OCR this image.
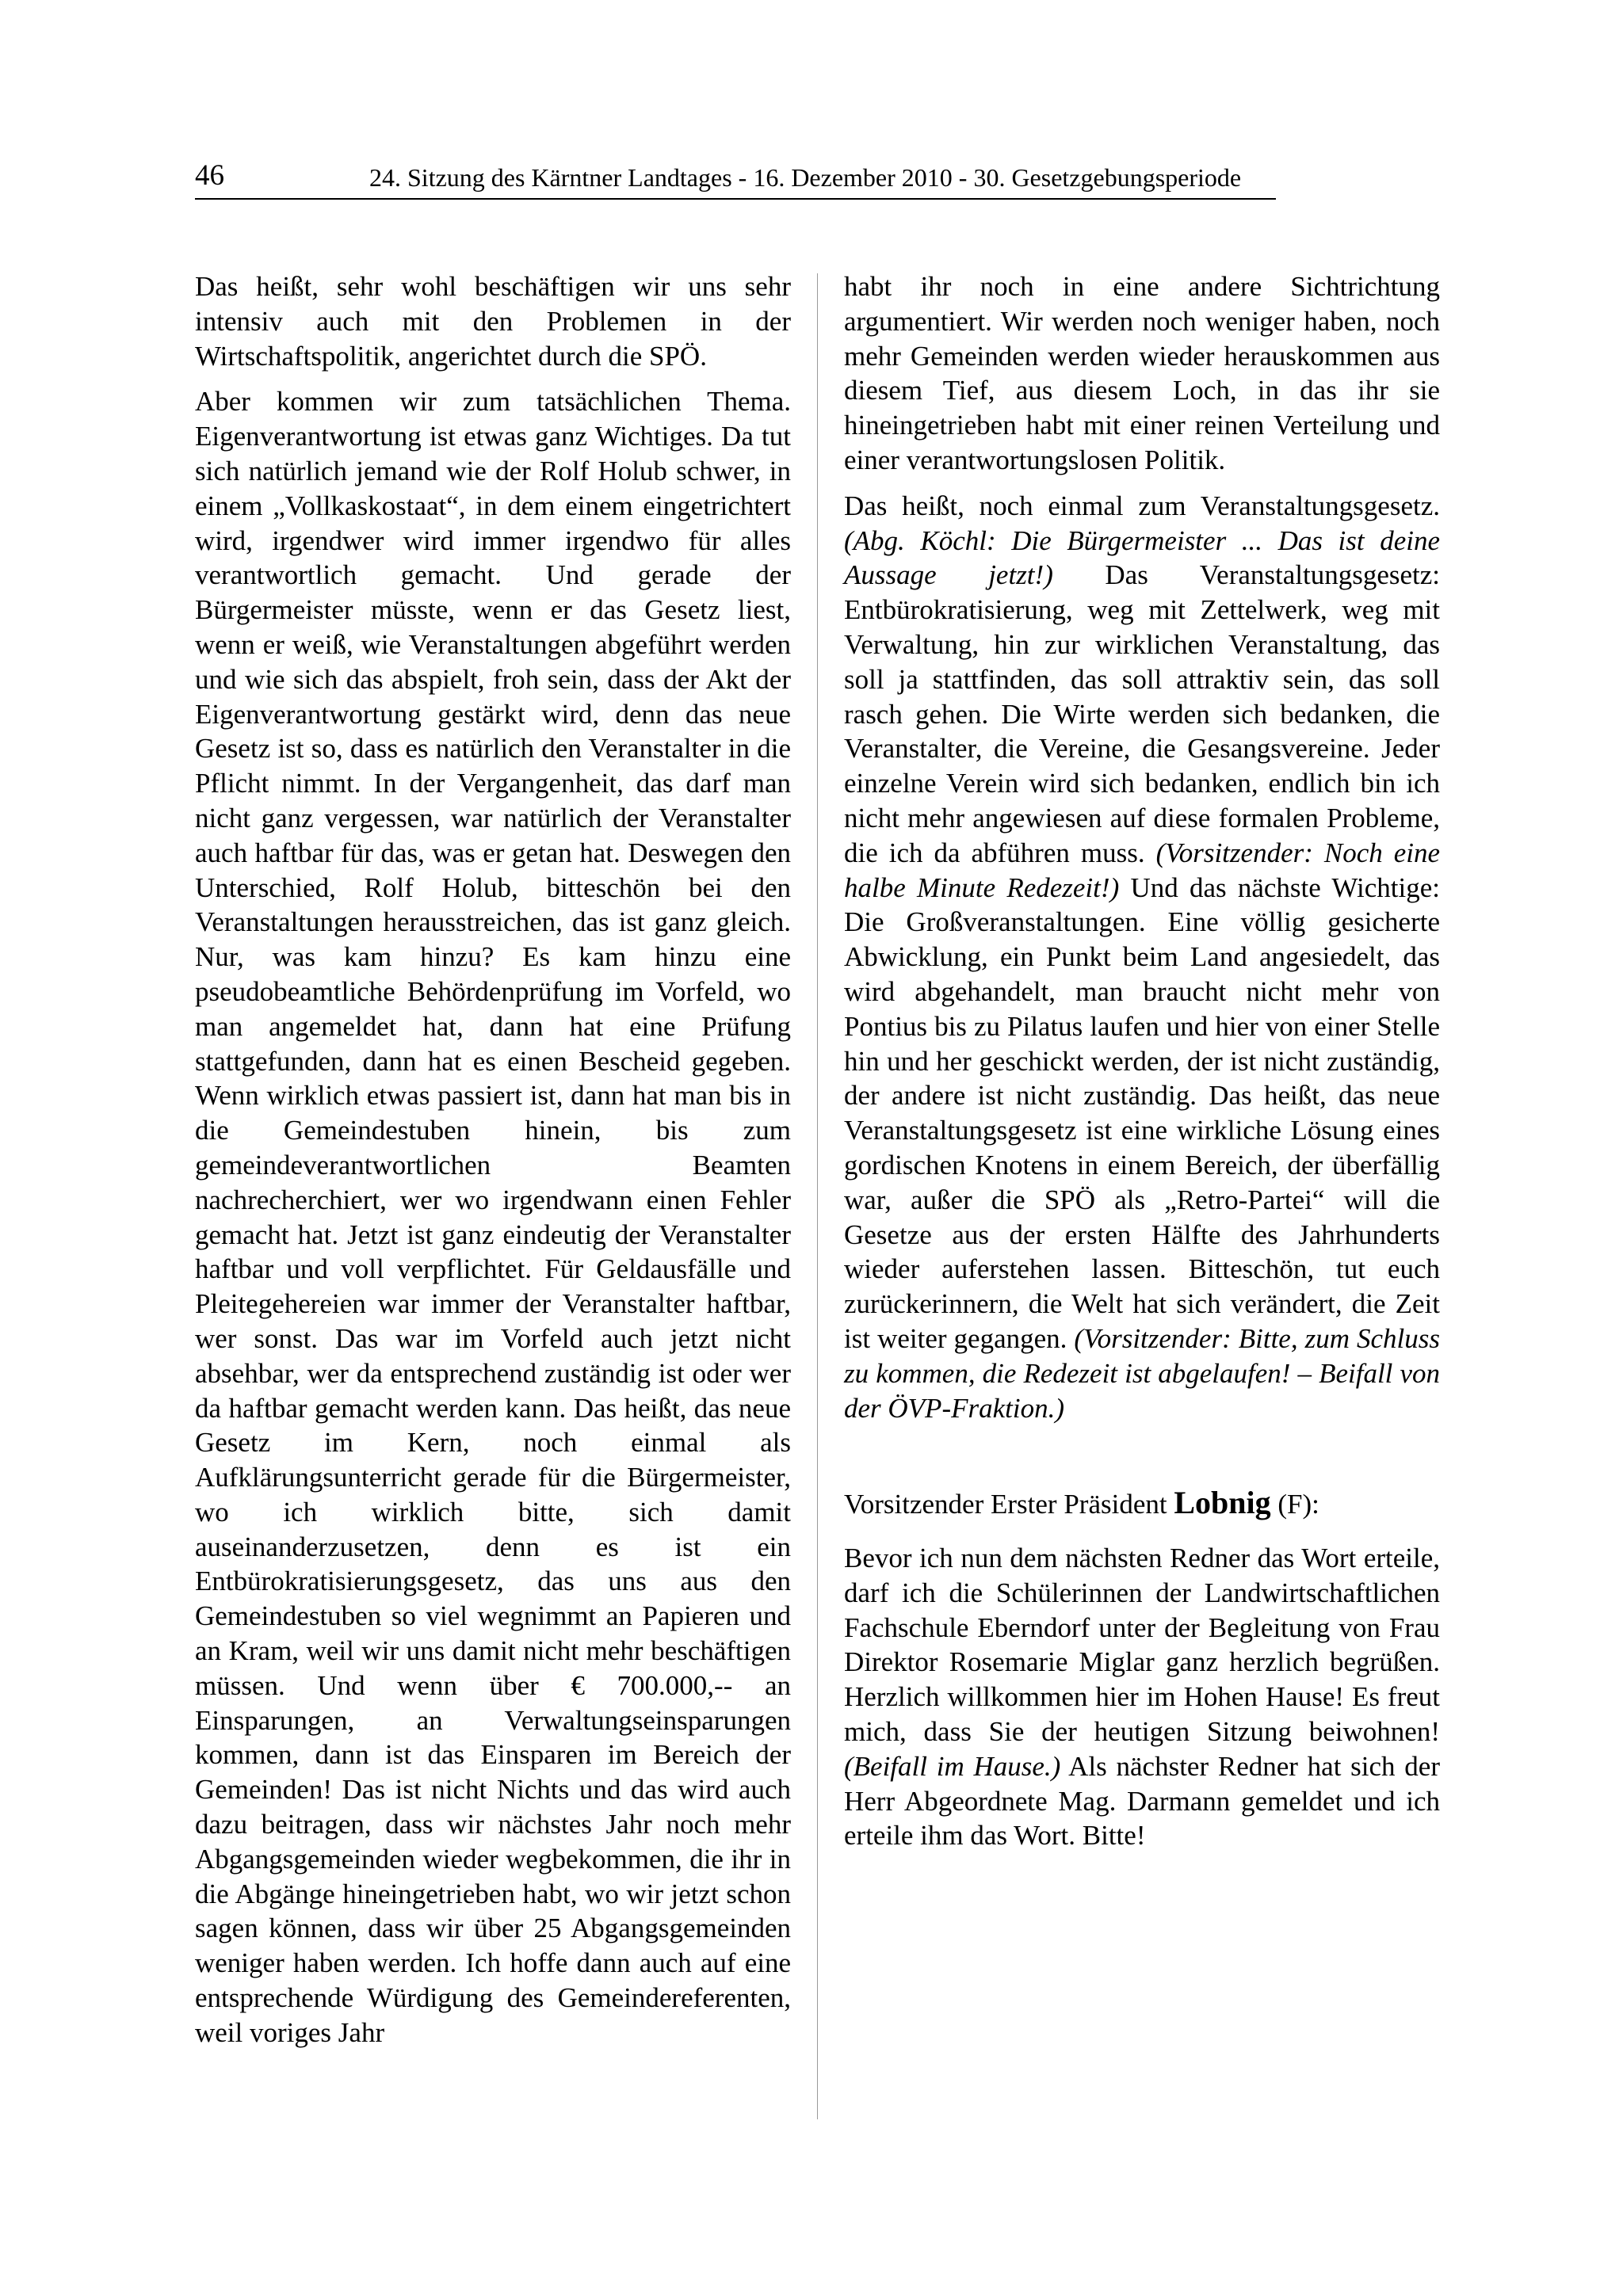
46	24. Sitzung des Kärntner Landtages - 16. Dezember 2010 - 30. Gesetzgebungsperiode

Das heißt, sehr wohl beschäftigen wir uns sehr intensiv auch mit den Problemen in der Wirtschaftspolitik, angerichtet durch die SPÖ.

Aber kommen wir zum tatsächlichen Thema. Eigenverantwortung ist etwas ganz Wichtiges. Da tut sich natürlich jemand wie der Rolf Holub schwer, in einem „Vollkaskostaat“, in dem einem eingetrichtert wird, irgendwer wird immer irgendwo für alles verantwortlich gemacht. Und gerade der Bürgermeister müsste, wenn er das Gesetz liest, wenn er weiß, wie Veranstaltungen abgeführt werden und wie sich das abspielt, froh sein, dass der Akt der Eigenverantwortung gestärkt wird, denn das neue Gesetz ist so, dass es natürlich den Veranstalter in die Pflicht nimmt. In der Vergangenheit, das darf man nicht ganz vergessen, war natürlich der Veranstalter auch haftbar für das, was er getan hat. Deswegen den Unterschied, Rolf Holub, bitteschön bei den Veranstaltungen herausstreichen, das ist ganz gleich. Nur, was kam hinzu? Es kam hinzu eine pseudobeamtliche Behördenprüfung im Vorfeld, wo man angemeldet hat, dann hat eine Prüfung stattgefunden, dann hat es einen Bescheid gegeben. Wenn wirklich etwas passiert ist, dann hat man bis in die Gemeindestuben hinein, bis zum gemeindeverantwortlichen Beamten nachrecherchiert, wer wo irgendwann einen Fehler gemacht hat. Jetzt ist ganz eindeutig der Veranstalter haftbar und voll verpflichtet. Für Geldausfälle und Pleitegehereien war immer der Veranstalter haftbar, wer sonst. Das war im Vorfeld auch jetzt nicht absehbar, wer da entsprechend zuständig ist oder wer da haftbar gemacht werden kann. Das heißt, das neue Gesetz im Kern, noch einmal als Aufklärungsunterricht gerade für die Bürgermeister, wo ich wirklich bitte, sich damit auseinanderzusetzen, denn es ist ein Entbürokratisierungsgesetz, das uns aus den Gemeindestuben so viel wegnimmt an Papieren und an Kram, weil wir uns damit nicht mehr beschäftigen müssen. Und wenn über € 700.000,-- an Einsparungen, an Verwaltungseinsparungen kommen, dann ist das Einsparen im Bereich der Gemeinden! Das ist nicht Nichts und das wird auch dazu beitragen, dass wir nächstes Jahr noch mehr Abgangsgemeinden wieder wegbekommen, die ihr in die Abgänge hineingetrieben habt, wo wir jetzt schon sagen können, dass wir über 25 Abgangsgemeinden weniger haben werden. Ich hoffe dann auch auf eine entsprechende Würdigung des Gemeindereferenten, weil voriges Jahr

habt ihr noch in eine andere Sichtrichtung argumentiert. Wir werden noch weniger haben, noch mehr Gemeinden werden wieder herauskommen aus diesem Tief, aus diesem Loch, in das ihr sie hineingetrieben habt mit einer reinen Verteilung und einer verantwortungslosen Politik.

Das heißt, noch einmal zum Veranstaltungsgesetz. (Abg. Köchl: Die Bürgermeister ... Das ist deine Aussage jetzt!) Das Veranstaltungsgesetz: Entbürokratisierung, weg mit Zettelwerk, weg mit Verwaltung, hin zur wirklichen Veranstaltung, das soll ja stattfinden, das soll attraktiv sein, das soll rasch gehen. Die Wirte werden sich bedanken, die Veranstalter, die Vereine, die Gesangsvereine. Jeder einzelne Verein wird sich bedanken, endlich bin ich nicht mehr angewiesen auf diese formalen Probleme, die ich da abführen muss. (Vorsitzender: Noch eine halbe Minute Redezeit!) Und das nächste Wichtige: Die Großveranstaltungen. Eine völlig gesicherte Abwicklung, ein Punkt beim Land angesiedelt, das wird abgehandelt, man braucht nicht mehr von Pontius bis zu Pilatus laufen und hier von einer Stelle hin und her geschickt werden, der ist nicht zuständig, der andere ist nicht zuständig. Das heißt, das neue Veranstaltungsgesetz ist eine wirkliche Lösung eines gordischen Knotens in einem Bereich, der überfällig war, außer die SPÖ als „Retro-Partei“ will die Gesetze aus der ersten Hälfte des Jahrhunderts wieder auferstehen lassen. Bitteschön, tut euch zurückerinnern, die Welt hat sich verändert, die Zeit ist weiter gegangen. (Vorsitzender: Bitte, zum Schluss zu kommen, die Redezeit ist abgelaufen! – Beifall von der ÖVP-Fraktion.)

Vorsitzender Erster Präsident Lobnig (F):

Bevor ich nun dem nächsten Redner das Wort erteile, darf ich die Schülerinnen der Landwirtschaftlichen Fachschule Eberndorf unter der Begleitung von Frau Direktor Rosemarie Miglar ganz herzlich begrüßen. Herzlich willkommen hier im Hohen Hause! Es freut mich, dass Sie der heutigen Sitzung beiwohnen! (Beifall im Hause.) Als nächster Redner hat sich der Herr Abgeordnete Mag. Darmann gemeldet und ich erteile ihm das Wort. Bitte!
